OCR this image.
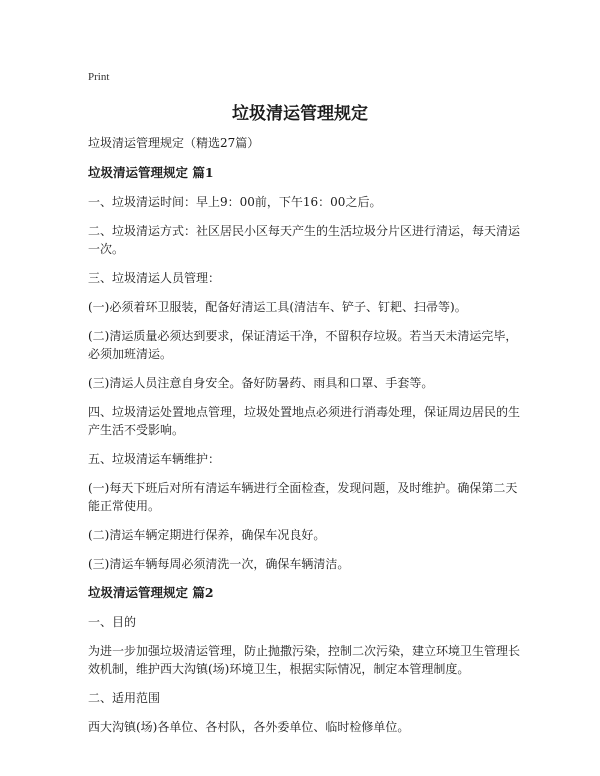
Print
垃圾清运管理规定

垃圾清运管理规定（精选27篇）

垃圾清运管理规定 篇1

一、垃圾清运时间：早上9：00前，下午16：00之后。

二、垃圾清运方式：社区居民小区每天产生的生活垃圾分片区进行清运，每天清运
一次。

三、垃圾清运人员管理：

(一)必须着环卫服装，配备好清运工具(清洁车、铲子、钉耙、扫帚等)。

(二)清运质量必须达到要求，保证清运干净，不留积存垃圾。若当天未清运完毕，
必须加班清运。

(三)清运人员注意自身安全。备好防暑药、雨具和口罩、手套等。

四、垃圾清运处置地点管理，垃圾处置地点必须进行消毒处理，保证周边居民的生
产生活不受影响。

五、垃圾清运车辆维护：

(一)每天下班后对所有清运车辆进行全面检查，发现问题，及时维护。确保第二天
能正常使用。

(二)清运车辆定期进行保养，确保车况良好。

(三)清运车辆每周必须清洗一次，确保车辆清洁。

垃圾清运管理规定 篇2

一、目的

为进一步加强垃圾清运管理，防止抛撒污染，控制二次污染，建立环境卫生管理长
效机制，维护西大沟镇(场)环境卫生，根据实际情况，制定本管理制度。

二、适用范围

西大沟镇(场)各单位、各村队，各外委单位、临时检修单位。
